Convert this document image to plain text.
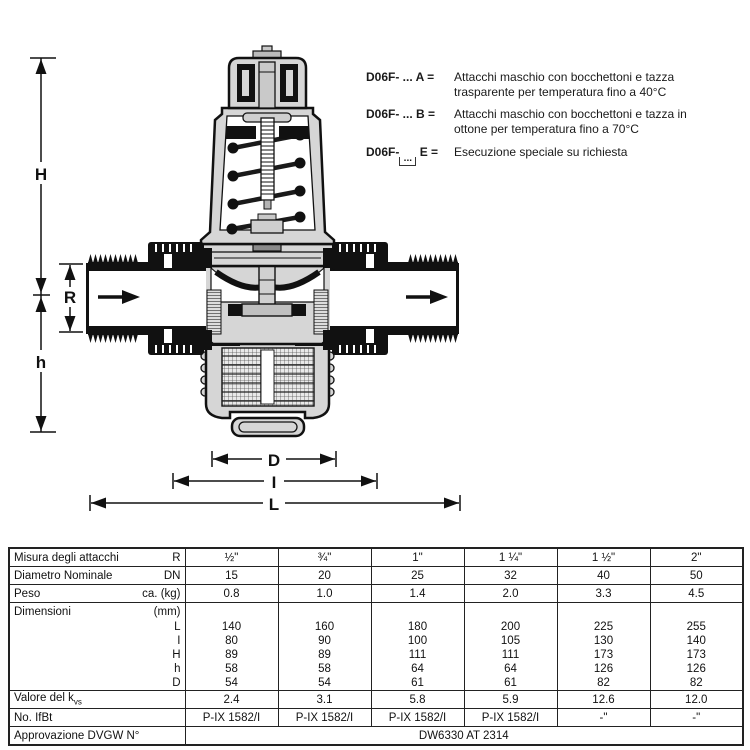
H
h
R
D
I
L
D06F- ... A =	Attacchi maschio con bocchettoni e tazza
trasparente per temperatura fino a 40°C
D06F- ... B =	Attacchi maschio con bocchettoni e tazza in
ottone per temperatura fino a 70°C
D06F- ... E =	Esecuzione speciale su richiesta
Misura degli attacchi R	½"	¾"	1"	1 ¼"	1 ½"	2"

Diametro Nominale DN	15	20	25	32	40	50

Peso ca. (kg)	0.8	1.0	1.4	2.0	3.3	4.5

Dimensioni (mm)						

L	140	160	180	200	225	255

I	80	90	100	105	130	140

H	89	89	111	111	173	173

h	58	58	64	64	126	126

D	54	54	61	61	82	82

Valore del $k_{vs}$	2.4	3.1	5.8	5.9	12.6	12.0

No. IfBt	P-IX 1582/I	P-IX 1582/I	P-IX 1582/I	P-IX 1582/I	-"	-"

Approvazione DVGW N°	DW6330 AT 2314					
